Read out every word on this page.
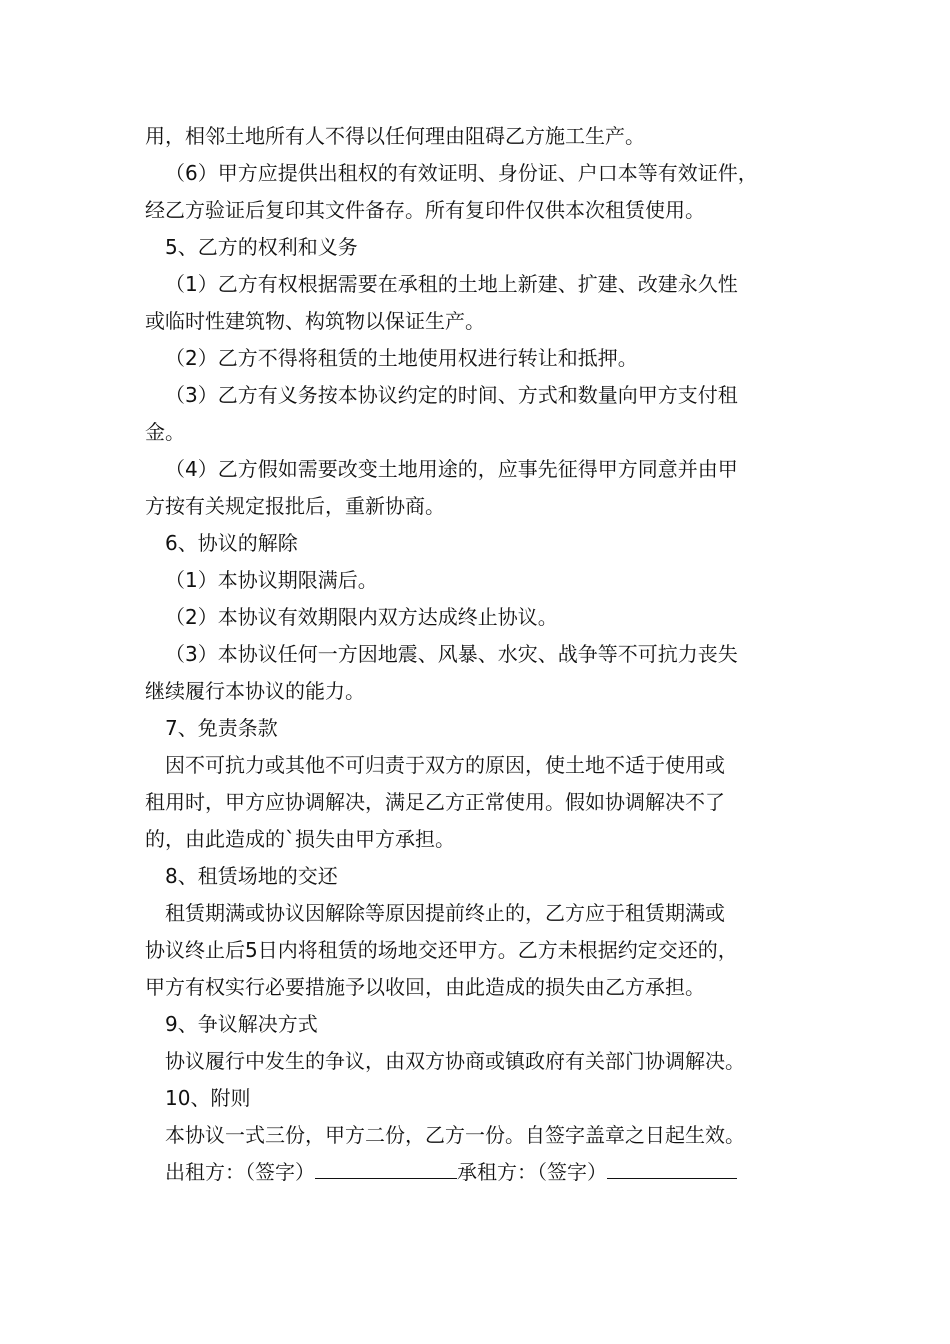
用，相邻土地所有人不得以任何理由阻碍乙方施工生产。
（6）甲方应提供出租权的有效证明、身份证、户口本等有效证件，
经乙方验证后复印其文件备存。所有复印件仅供本次租赁使用。
5、乙方的权利和义务
（1）乙方有权根据需要在承租的土地上新建、扩建、改建永久性
或临时性建筑物、构筑物以保证生产。
（2）乙方不得将租赁的土地使用权进行转让和抵押。
（3）乙方有义务按本协议约定的时间、方式和数量向甲方支付租
金。
（4）乙方假如需要改变土地用途的，应事先征得甲方同意并由甲
方按有关规定报批后，重新协商。
6、协议的解除
（1）本协议期限满后。
（2）本协议有效期限内双方达成终止协议。
（3）本协议任何一方因地震、风暴、水灾、战争等不可抗力丧失
继续履行本协议的能力。
7、免责条款
因不可抗力或其他不可归责于双方的原因，使土地不适于使用或
租用时，甲方应协调解决，满足乙方正常使用。假如协调解决不了
的，由此造成的`损失由甲方承担。
8、租赁场地的交还
租赁期满或协议因解除等原因提前终止的，乙方应于租赁期满或
协议终止后5日内将租赁的场地交还甲方。乙方未根据约定交还的，
甲方有权实行必要措施予以收回，由此造成的损失由乙方承担。
9、争议解决方式
协议履行中发生的争议，由双方协商或镇政府有关部门协调解决。
10、附则
本协议一式三份，甲方二份，乙方一份。自签字盖章之日起生效。
出租方：（签字）	承租方：（签字）
